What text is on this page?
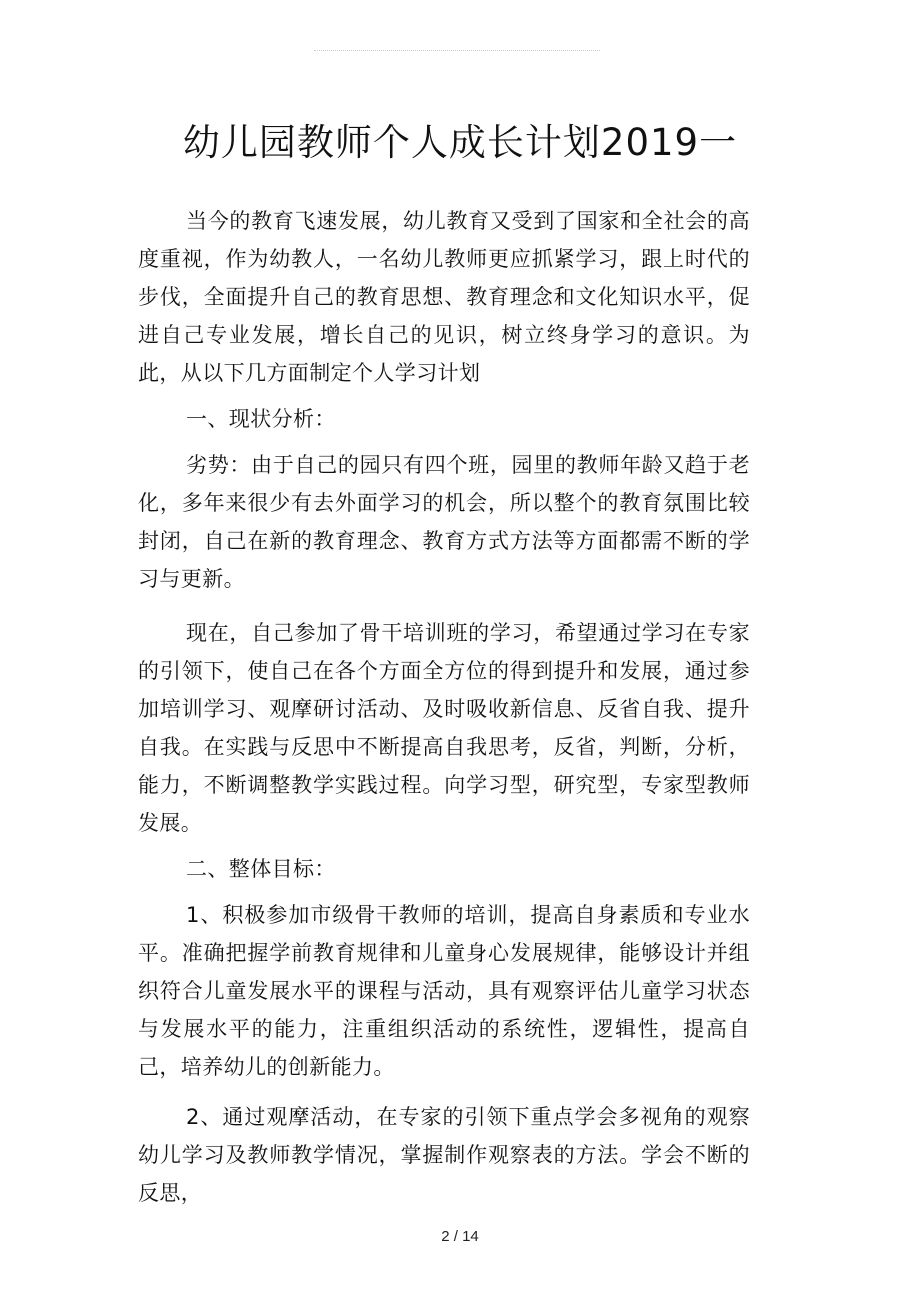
幼儿园教师个人成长计划2019一

当今的教育飞速发展，幼儿教育又受到了国家和全社会的高度重视，作为幼教人，一名幼儿教师更应抓紧学习，跟上时代的步伐，全面提升自己的教育思想、教育理念和文化知识水平，促进自己专业发展，增长自己的见识，树立终身学习的意识。为此，从以下几方面制定个人学习计划

一、现状分析：

劣势：由于自己的园只有四个班，园里的教师年龄又趋于老化，多年来很少有去外面学习的机会，所以整个的教育氛围比较封闭，自己在新的教育理念、教育方式方法等方面都需不断的学习与更新。

现在，自己参加了骨干培训班的学习，希望通过学习在专家的引领下，使自己在各个方面全方位的得到提升和发展，通过参加培训学习、观摩研讨活动、及时吸收新信息、反省自我、提升自我。在实践与反思中不断提高自我思考，反省，判断，分析，能力，不断调整教学实践过程。向学习型，研究型，专家型教师发展。

二、整体目标：

1、积极参加市级骨干教师的培训，提高自身素质和专业水平。准确把握学前教育规律和儿童身心发展规律，能够设计并组织符合儿童发展水平的课程与活动，具有观察评估儿童学习状态与发展水平的能力，注重组织活动的系统性，逻辑性，提高自己，培养幼儿的创新能力。

2、通过观摩活动，在专家的引领下重点学会多视角的观察幼儿学习及教师教学情况，掌握制作观察表的方法。学会不断的反思，

2 / 14
